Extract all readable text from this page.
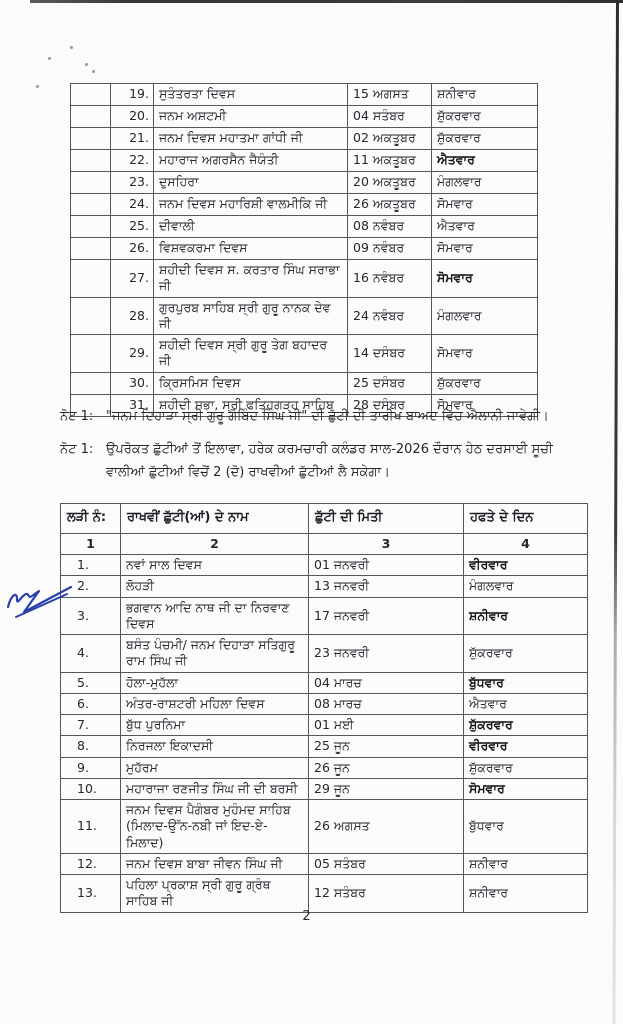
	19.	ਸੁਤੰਤਰਤਾ ਦਿਵਸ	15 ਅਗਸਤ	ਸ਼ਨੀਵਾਰ
	20.	ਜਨਮ ਅਸ਼ਟਮੀ	04 ਸਤੰਬਰ	ਸ਼ੁੱਕਰਵਾਰ
	21.	ਜਨਮ ਦਿਵਸ ਮਹਾਤਮਾ ਗਾਂਧੀ ਜੀ	02 ਅਕਤੂਬਰ	ਸ਼ੁੱਕਰਵਾਰ
	22.	ਮਹਾਰਾਜ ਅਗਰਸੈਨ ਜੈਯੰਤੀ	11 ਅਕਤੂਬਰ	ਐਤਵਾਰ
	23.	ਦੁਸਹਿਰਾ	20 ਅਕਤੂਬਰ	ਮੰਗਲਵਾਰ
	24.	ਜਨਮ ਦਿਵਸ ਮਹਾਰਿਸ਼ੀ ਵਾਲਮੀਕਿ ਜੀ	26 ਅਕਤੂਬਰ	ਸੋਮਵਾਰ
	25.	ਦੀਵਾਲੀ	08 ਨਵੰਬਰ	ਐਤਵਾਰ
	26.	ਵਿਸ਼ਵਕਰਮਾ ਦਿਵਸ	09 ਨਵੰਬਰ	ਸੋਮਵਾਰ
	27.	ਸ਼ਹੀਦੀ ਦਿਵਸ ਸ. ਕਰਤਾਰ ਸਿੰਘ ਸਰਾਭਾ ਜੀ	16 ਨਵੰਬਰ	ਸੋਮਵਾਰ
	28.	ਗੁਰਪੁਰਬ ਸਾਹਿਬ ਸ੍ਰੀ ਗੁਰੂ ਨਾਨਕ ਦੇਵ ਜੀ	24 ਨਵੰਬਰ	ਮੰਗਲਵਾਰ
	29.	ਸ਼ਹੀਦੀ ਦਿਵਸ ਸ੍ਰੀ ਗੁਰੂ ਤੇਗ ਬਹਾਦਰ ਜੀ	14 ਦਸੰਬਰ	ਸੋਮਵਾਰ
	30.	ਕ੍ਰਿਸਮਿਸ ਦਿਵਸ	25 ਦਸੰਬਰ	ਸ਼ੁੱਕਰਵਾਰ
	31.	ਸ਼ਹੀਦੀ ਸਭਾ, ਸ੍ਰੀ ਫਤਿਹਗੜ੍ਹ ਸਾਹਿਬ	28 ਦਸੰਬਰ	ਸੋਮਵਾਰ
ਨੋਟ 1: "ਜਨਮ ਦਿਹਾੜਾ ਸ੍ਰੀ ਗੁਰੂ ਗੋਬਿੰਦ ਸਿੰਘ ਜੀ" ਦੀ ਛੁੱਟੀ ਦੀ ਤਾਰੀਖ ਬਾਅਦ ਵਿੱਚ ਐਲਾਨੀ ਜਾਵੇਗੀ।
ਨੋਟ 1: ਉਪਰੋਕਤ ਛੁੱਟੀਆਂ ਤੋਂ ਇਲਾਵਾ, ਹਰੇਕ ਕਰਮਚਾਰੀ ਕਲੰਡਰ ਸਾਲ-2026 ਦੌਰਾਨ ਹੇਠ ਦਰਸਾਈ ਸੂਚੀ ਵਾਲੀਆਂ ਛੁੱਟੀਆਂ ਵਿਚੋਂ 2 (ਦੋ) ਰਾਖਵੀਆਂ ਛੁੱਟੀਆਂ ਲੈ ਸਕੇਗਾ।
ਲੜੀ ਨੰ:	ਰਾਖਵੀਂ ਛੁੱਟੀ(ਆਂ) ਦੇ ਨਾਮ	ਛੁੱਟੀ ਦੀ ਮਿਤੀ	ਹਫਤੇ ਦੇ ਦਿਨ
1	2	3	4
1.	ਨਵਾਂ ਸਾਲ ਦਿਵਸ	01 ਜਨਵਰੀ	ਵੀਰਵਾਰ
2.	ਲੋਹੜੀ	13 ਜਨਵਰੀ	ਮੰਗਲਵਾਰ
3.	ਭਗਵਾਨ ਆਦਿ ਨਾਥ ਜੀ ਦਾ ਨਿਰਵਾਣ ਦਿਵਸ	17 ਜਨਵਰੀ	ਸ਼ਨੀਵਾਰ
4.	ਬਸੰਤ ਪੰਚਮੀ/ ਜਨਮ ਦਿਹਾੜਾ ਸਤਿਗੁਰੂ ਰਾਮ ਸਿੰਘ ਜੀ	23 ਜਨਵਰੀ	ਸ਼ੁੱਕਰਵਾਰ
5.	ਹੋਲਾ-ਮੁਹੱਲਾ	04 ਮਾਰਚ	ਬੁੱਧਵਾਰ
6.	ਅੰਤਰ-ਰਾਸ਼ਟਰੀ ਮਹਿਲਾ ਦਿਵਸ	08 ਮਾਰਚ	ਐਤਵਾਰ
7.	ਬੁੱਧ ਪੁਰਨਿਮਾ	01 ਮਈ	ਸ਼ੁੱਕਰਵਾਰ
8.	ਨਿਰਜਲਾ ਇਕਾਦਸੀ	25 ਜੂਨ	ਵੀਰਵਾਰ
9.	ਮੁਹੱਰਮ	26 ਜੂਨ	ਸ਼ੁੱਕਰਵਾਰ
10.	ਮਹਾਰਾਜਾ ਰਣਜੀਤ ਸਿੰਘ ਜੀ ਦੀ ਬਰਸੀ	29 ਜੂਨ	ਸੋਮਵਾਰ
11.	ਜਨਮ ਦਿਵਸ ਪੈਗੰਬਰ ਮੁਹੰਮਦ ਸਾਹਿਬ (ਮਿਲਾਦ-ਉੱਨ-ਨਬੀ ਜਾਂ ਇਦ-ਏ-ਮਿਲਾਦ)	26 ਅਗਸਤ	ਬੁੱਧਵਾਰ
12.	ਜਨਮ ਦਿਵਸ ਬਾਬਾ ਜੀਵਨ ਸਿੰਘ ਜੀ	05 ਸਤੰਬਰ	ਸ਼ਨੀਵਾਰ
13.	ਪਹਿਲਾ ਪ੍ਰਕਾਸ਼ ਸ੍ਰੀ ਗੁਰੂ ਗ੍ਰੰਥ ਸਾਹਿਬ ਜੀ	12 ਸਤੰਬਰ	ਸ਼ਨੀਵਾਰ
2
